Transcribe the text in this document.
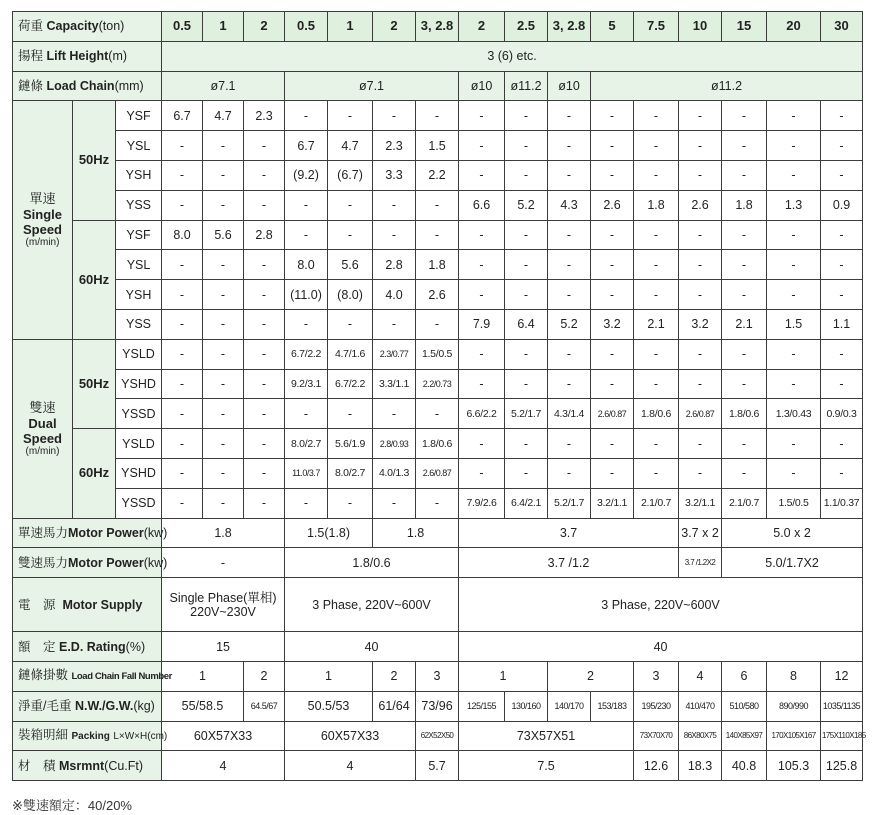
荷重 Capacity(ton)			0.5	1	2	0.5	1	2	3, 2.8	2	2.5	3, 2.8	5	7.5	10	15	20	30
揚程 Lift Height(m)			3 (6) etc.															
鏈條 Load Chain(mm)			ø7.1			ø7.1				ø10	ø11.2	ø10	ø11.2					

單速
Single
Speed
(m/min)	50Hz	YSF	6.7	4.7	2.3	-	-	-	-	-	-	-	-	-	-	-	-	-
		YSL	-	-	-	6.7	4.7	2.3	1.5	-	-	-	-	-	-	-	-	-
		YSH	-	-	-	(9.2)	(6.7)	3.3	2.2	-	-	-	-	-	-	-	-	-
		YSS	-	-	-	-	-	-	-	6.6	5.2	4.3	2.6	1.8	2.6	1.8	1.3	0.9
	60Hz	YSF	8.0	5.6	2.8	-	-	-	-	-	-	-	-	-	-	-	-	-
		YSL	-	-	-	8.0	5.6	2.8	1.8	-	-	-	-	-	-	-	-	-
		YSH	-	-	-	(11.0)	(8.0)	4.0	2.6	-	-	-	-	-	-	-	-	-
		YSS	-	-	-	-	-	-	-	7.9	6.4	5.2	3.2	2.1	3.2	2.1	1.5	1.1

雙速
Dual
Speed
(m/min)	50Hz	YSLD	-	-	-	6.7/2.2	4.7/1.6	2.3/0.77	1.5/0.5	-	-	-	-	-	-	-	-	-
		YSHD	-	-	-	9.2/3.1	6.7/2.2	3.3/1.1	2.2/0.73	-	-	-	-	-	-	-	-	-
		YSSD	-	-	-	-	-	-	-	6.6/2.2	5.2/1.7	4.3/1.4	2.6/0.87	1.8/0.6	2.6/0.87	1.8/0.6	1.3/0.43	0.9/0.3
	60Hz	YSLD	-	-	-	8.0/2.7	5.6/1.9	2.8/0.93	1.8/0.6	-	-	-	-	-	-	-	-	-
		YSHD	-	-	-	11.0/3.7	8.0/2.7	4.0/1.3	2.6/0.87	-	-	-	-	-	-	-	-	-
		YSSD	-	-	-	-	-	-	-	7.9/2.6	6.4/2.1	5.2/1.7	3.2/1.1	2.1/0.7	3.2/1.1	2.1/0.7	1.5/0.5	1.1/0.37
單速馬力Motor Power(kw)			1.8			1.5(1.8)		1.8		3.7					3.7 x 2	5.0 x 2		
雙速馬力Motor Power(kw)			-			1.8/0.6				3.7 /1.2					3.7 /1.2X2	5.0/1.7X2		
電　源 Motor Supply			Single Phase(單相)
220V~230V			3 Phase, 220V~600V				3 Phase, 220V~600V								
額　定 E.D. Rating(%)			15			40				40								
鏈條掛數 Load Chain Fall Number			1		2	1		2	3	1		2		3	4	6	8	12
淨重/毛重 N.W./G.W.(kg)			55/58.5		64.5/67	50.5/53		61/64	73/96	125/155	130/160	140/170	153/183	195/230	410/470	510/580	890/990	1035/1135
裝箱明細 Packing L×W×H(cm)			60X57X33			60X57X33			62X52X50	73X57X51				73X70X70	86X80X75	140X85X97	170X105X167	175X110X185
材　積 Msrmnt(Cu.Ft)			4			4			5.7	7.5				12.6	18.3	40.8	105.3	125.8
※雙速額定：40/20%
